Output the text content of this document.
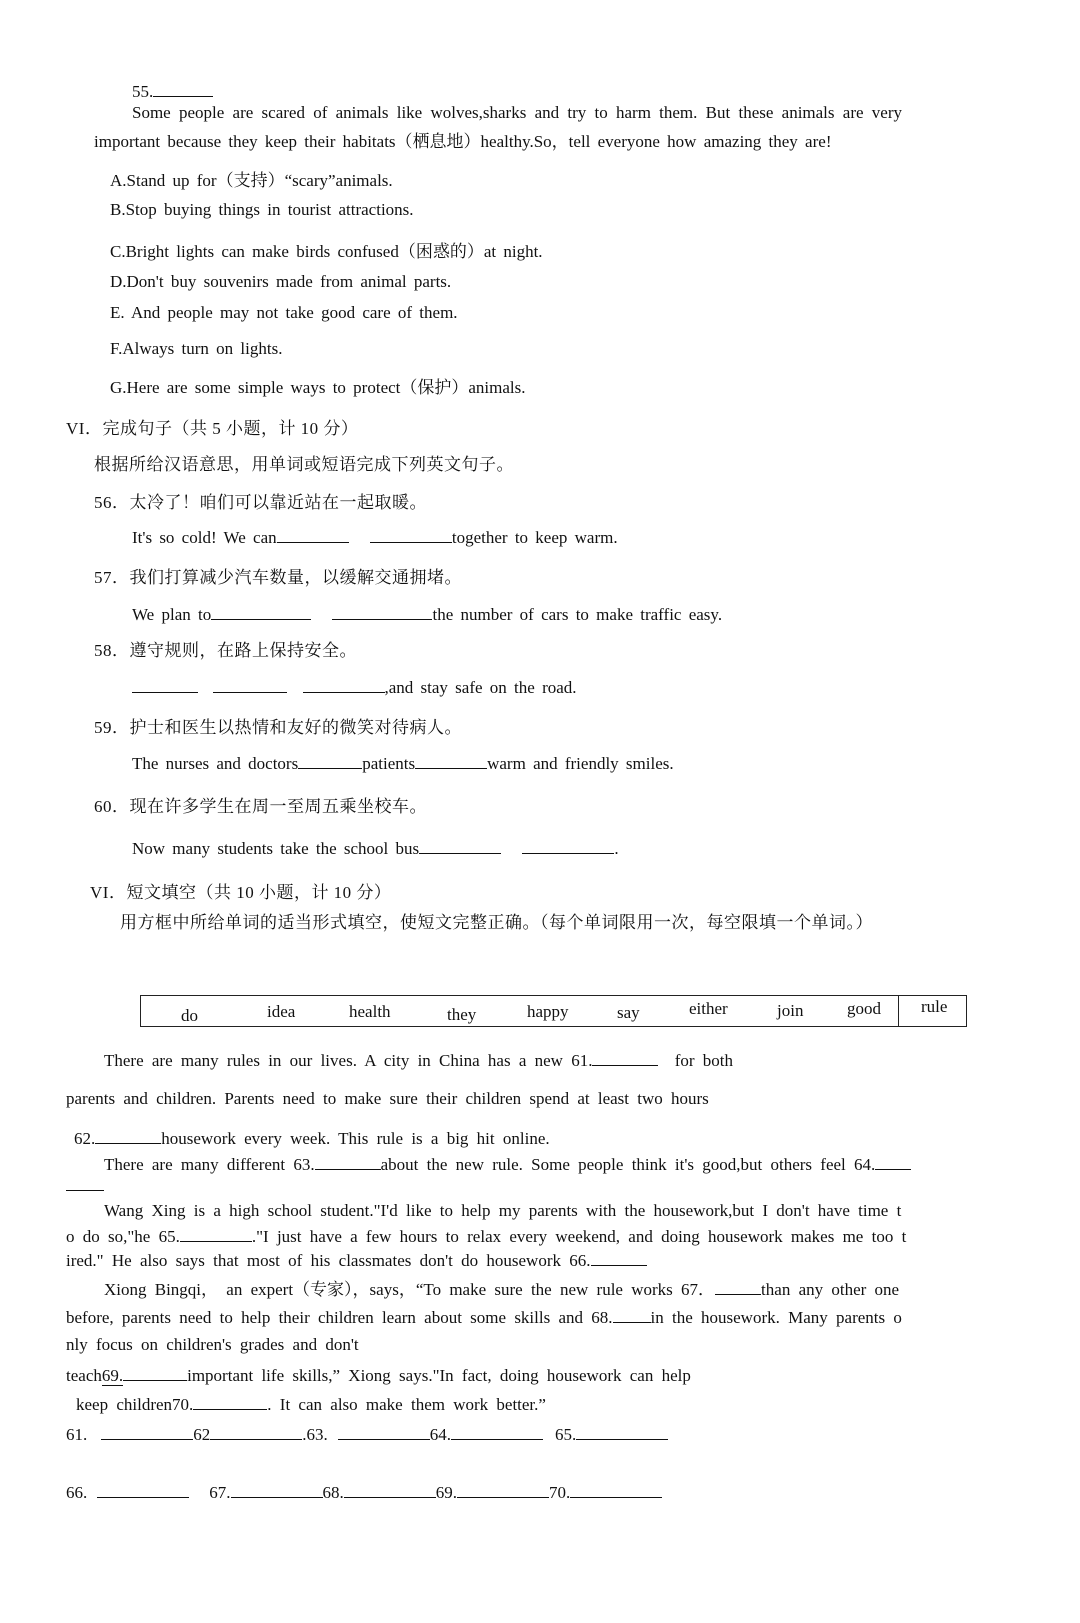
55.
Some people are scared of animals like wolves,sharks and try to harm them. But these animals are very
important because they keep their habitats（栖息地）healthy.So，tell everyone how amazing they are!
A.Stand up for（支持）“scary”animals.
B.Stop buying things in tourist attractions.
C.Bright lights can make birds confused（困惑的）at night.
D.Don't buy souvenirs made from animal parts.
E. And people may not take good care of them.
F.Always turn on lights.
G.Here are some simple ways to protect（保护）animals.
VI．完成句子（共 5 小题，计 10 分）
根据所给汉语意思，用单词或短语完成下列英文句子。
56．太冷了！咱们可以靠近站在一起取暖。
It's so cold! We can	together to keep warm.
57．我们打算减少汽车数量，以缓解交通拥堵。
We plan to	the number of cars to make traffic easy.
58．遵守规则，在路上保持安全。
,and stay safe on the road.
59．护士和医生以热情和友好的微笑对待病人。
The nurses and doctors	patients	warm and friendly smiles.
60．现在许多学生在周一至周五乘坐校车。
Now many students take the school bus	.
VI．短文填空（共 10 小题，计 10 分）
用方框中所给单词的适当形式填空，使短文完整正确。（每个单词限用一次，每空限填一个单词。）
do	idea	health	they	happy	say	either	join	good rule
There are many rules in our lives. A city in China has a new 61.	for both
parents and children. Parents need to make sure their children spend at least two hours
62.	housework every week. This rule is a big hit online.
There are many different 63.	about the new rule. Some people think it's good,but others feel 64.
Wang Xing is a high school student."I'd like to help my parents with the housework,but I don't have time t
o do so,"he 65.	."I just have a few hours to relax every weekend, and doing housework makes me too t
ired." He also says that most of his classmates don't do housework 66.
Xiong Bingqi， an expert（专家），says，“To make sure the new rule works 67．	than any other one
before, parents need to help their children learn about some skills and 68. in the housework. Many parents o
nly focus on children's grades and don't
teach69.	important life skills,” Xiong says."In fact, doing housework can help
keep children70.	. It can also make them work better.”
61.	62	.63.	64.	65.
66.	67.	68.	69.	70.
